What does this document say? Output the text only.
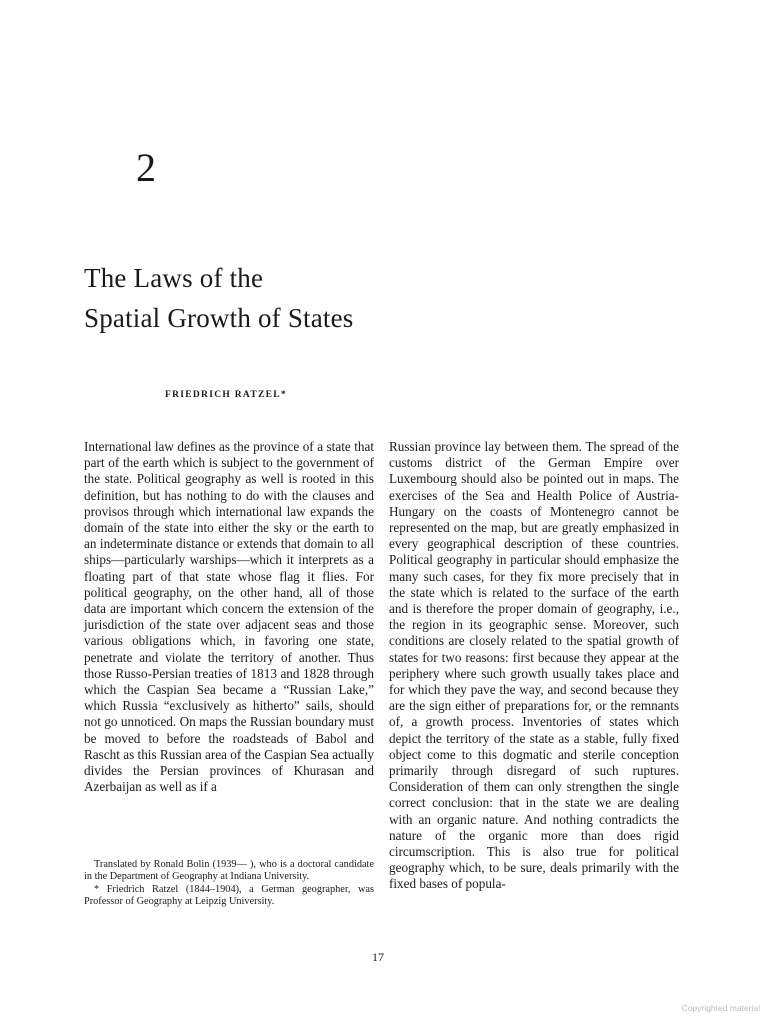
2
The Laws of the
Spatial Growth of States
FRIEDRICH RATZEL*

International law defines as the province of a state that part of the earth which is subject to the government of the state. Political geography as well is rooted in this definition, but has nothing to do with the clauses and provisos through which international law expands the domain of the state into either the sky or the earth to an indeterminate distance or extends that domain to all ships—particularly warships—which it interprets as a floating part of that state whose flag it flies. For political geography, on the other hand, all of those data are important which concern the extension of the jurisdiction of the state over adjacent seas and those various obligations which, in favoring one state, penetrate and violate the territory of another. Thus those Russo-Persian treaties of 1813 and 1828 through which the Caspian Sea became a “Russian Lake,” which Russia “exclusively as hitherto” sails, should not go unnoticed. On maps the Russian boundary must be moved to before the roadsteads of Babol and Rascht as this Russian area of the Caspian Sea actually divides the Persian provinces of Khurasan and Azerbaijan as well as if a

Russian province lay between them. The spread of the customs district of the German Empire over Luxembourg should also be pointed out in maps. The exercises of the Sea and Health Police of Austria-Hungary on the coasts of Montenegro cannot be represented on the map, but are greatly emphasized in every geographical description of these countries. Political geography in particular should emphasize the many such cases, for they fix more precisely that in the state which is related to the surface of the earth and is therefore the proper domain of geography, i.e., the region in its geographic sense. Moreover, such conditions are closely related to the spatial growth of states for two reasons: first because they appear at the periphery where such growth usually takes place and for which they pave the way, and second because they are the sign either of preparations for, or the remnants of, a growth process. Inventories of states which depict the territory of the state as a stable, fully fixed object come to this dogmatic and sterile conception primarily through disregard of such ruptures. Consideration of them can only strengthen the single correct conclusion: that in the state we are dealing with an organic nature. And nothing contradicts the nature of the organic more than does rigid circumscription. This is also true for political geography which, to be sure, deals primarily with the fixed bases of popula-

Translated by Ronald Bolin (1939— ), who is a doctoral candidate in the Department of Geography at Indiana University.

* Friedrich Ratzel (1844–1904), a German geographer, was Professor of Geography at Leipzig University.

17
Copyrighted material
